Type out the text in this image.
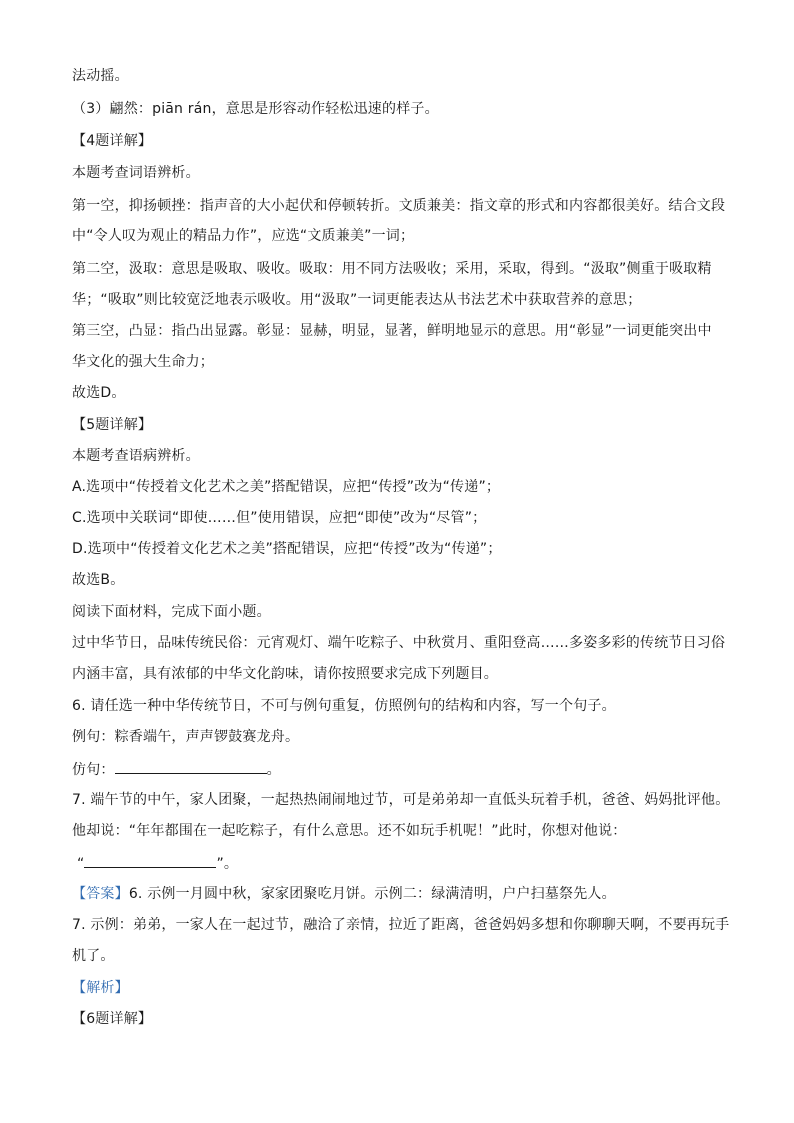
法动摇。
（3）翩然：piān rán，意思是形容动作轻松迅速的样子。
【4题详解】
本题考查词语辨析。
第一空，抑扬顿挫：指声音的大小起伏和停顿转折。文质兼美：指文章的形式和内容都很美好。结合文段
中“令人叹为观止的精品力作”，应选“文质兼美”一词；
第二空，汲取：意思是吸取、吸收。吸取：用不同方法吸收；采用，采取，得到。“汲取”侧重于吸取精
华；“吸取”则比较宽泛地表示吸收。用“汲取”一词更能表达从书法艺术中获取营养的意思；
第三空，凸显：指凸出显露。彰显：显赫，明显，显著，鲜明地显示的意思。用“彰显”一词更能突出中
华文化的强大生命力；
故选D。
【5题详解】
本题考查语病辨析。
A.选项中“传授着文化艺术之美”搭配错误，应把“传授”改为“传递”；
C.选项中关联词“即使……但”使用错误，应把“即使”改为“尽管”；
D.选项中“传授着文化艺术之美”搭配错误，应把“传授”改为“传递”；
故选B。
阅读下面材料，完成下面小题。
过中华节日，品味传统民俗：元宵观灯、端午吃粽子、中秋赏月、重阳登高……多姿多彩的传统节日习俗
内涵丰富，具有浓郁的中华文化韵味，请你按照要求完成下列题目。
6. 请任选一种中华传统节日，不可与例句重复，仿照例句的结构和内容，写一个句子。
例句：粽香端午，声声锣鼓赛龙舟。
仿句：	。
7. 端午节的中午，家人团聚，一起热热闹闹地过节，可是弟弟却一直低头玩着手机，爸爸、妈妈批评他。
他却说：“年年都围在一起吃粽子，有什么意思。还不如玩手机呢！”此时，你想对他说：
“	”。
【答案】6. 示例一月圆中秋，家家团聚吃月饼。示例二：绿满清明，户户扫墓祭先人。
7. 示例：弟弟，一家人在一起过节，融洽了亲情，拉近了距离，爸爸妈妈多想和你聊聊天啊，不要再玩手
机了。
【解析】
【6题详解】
